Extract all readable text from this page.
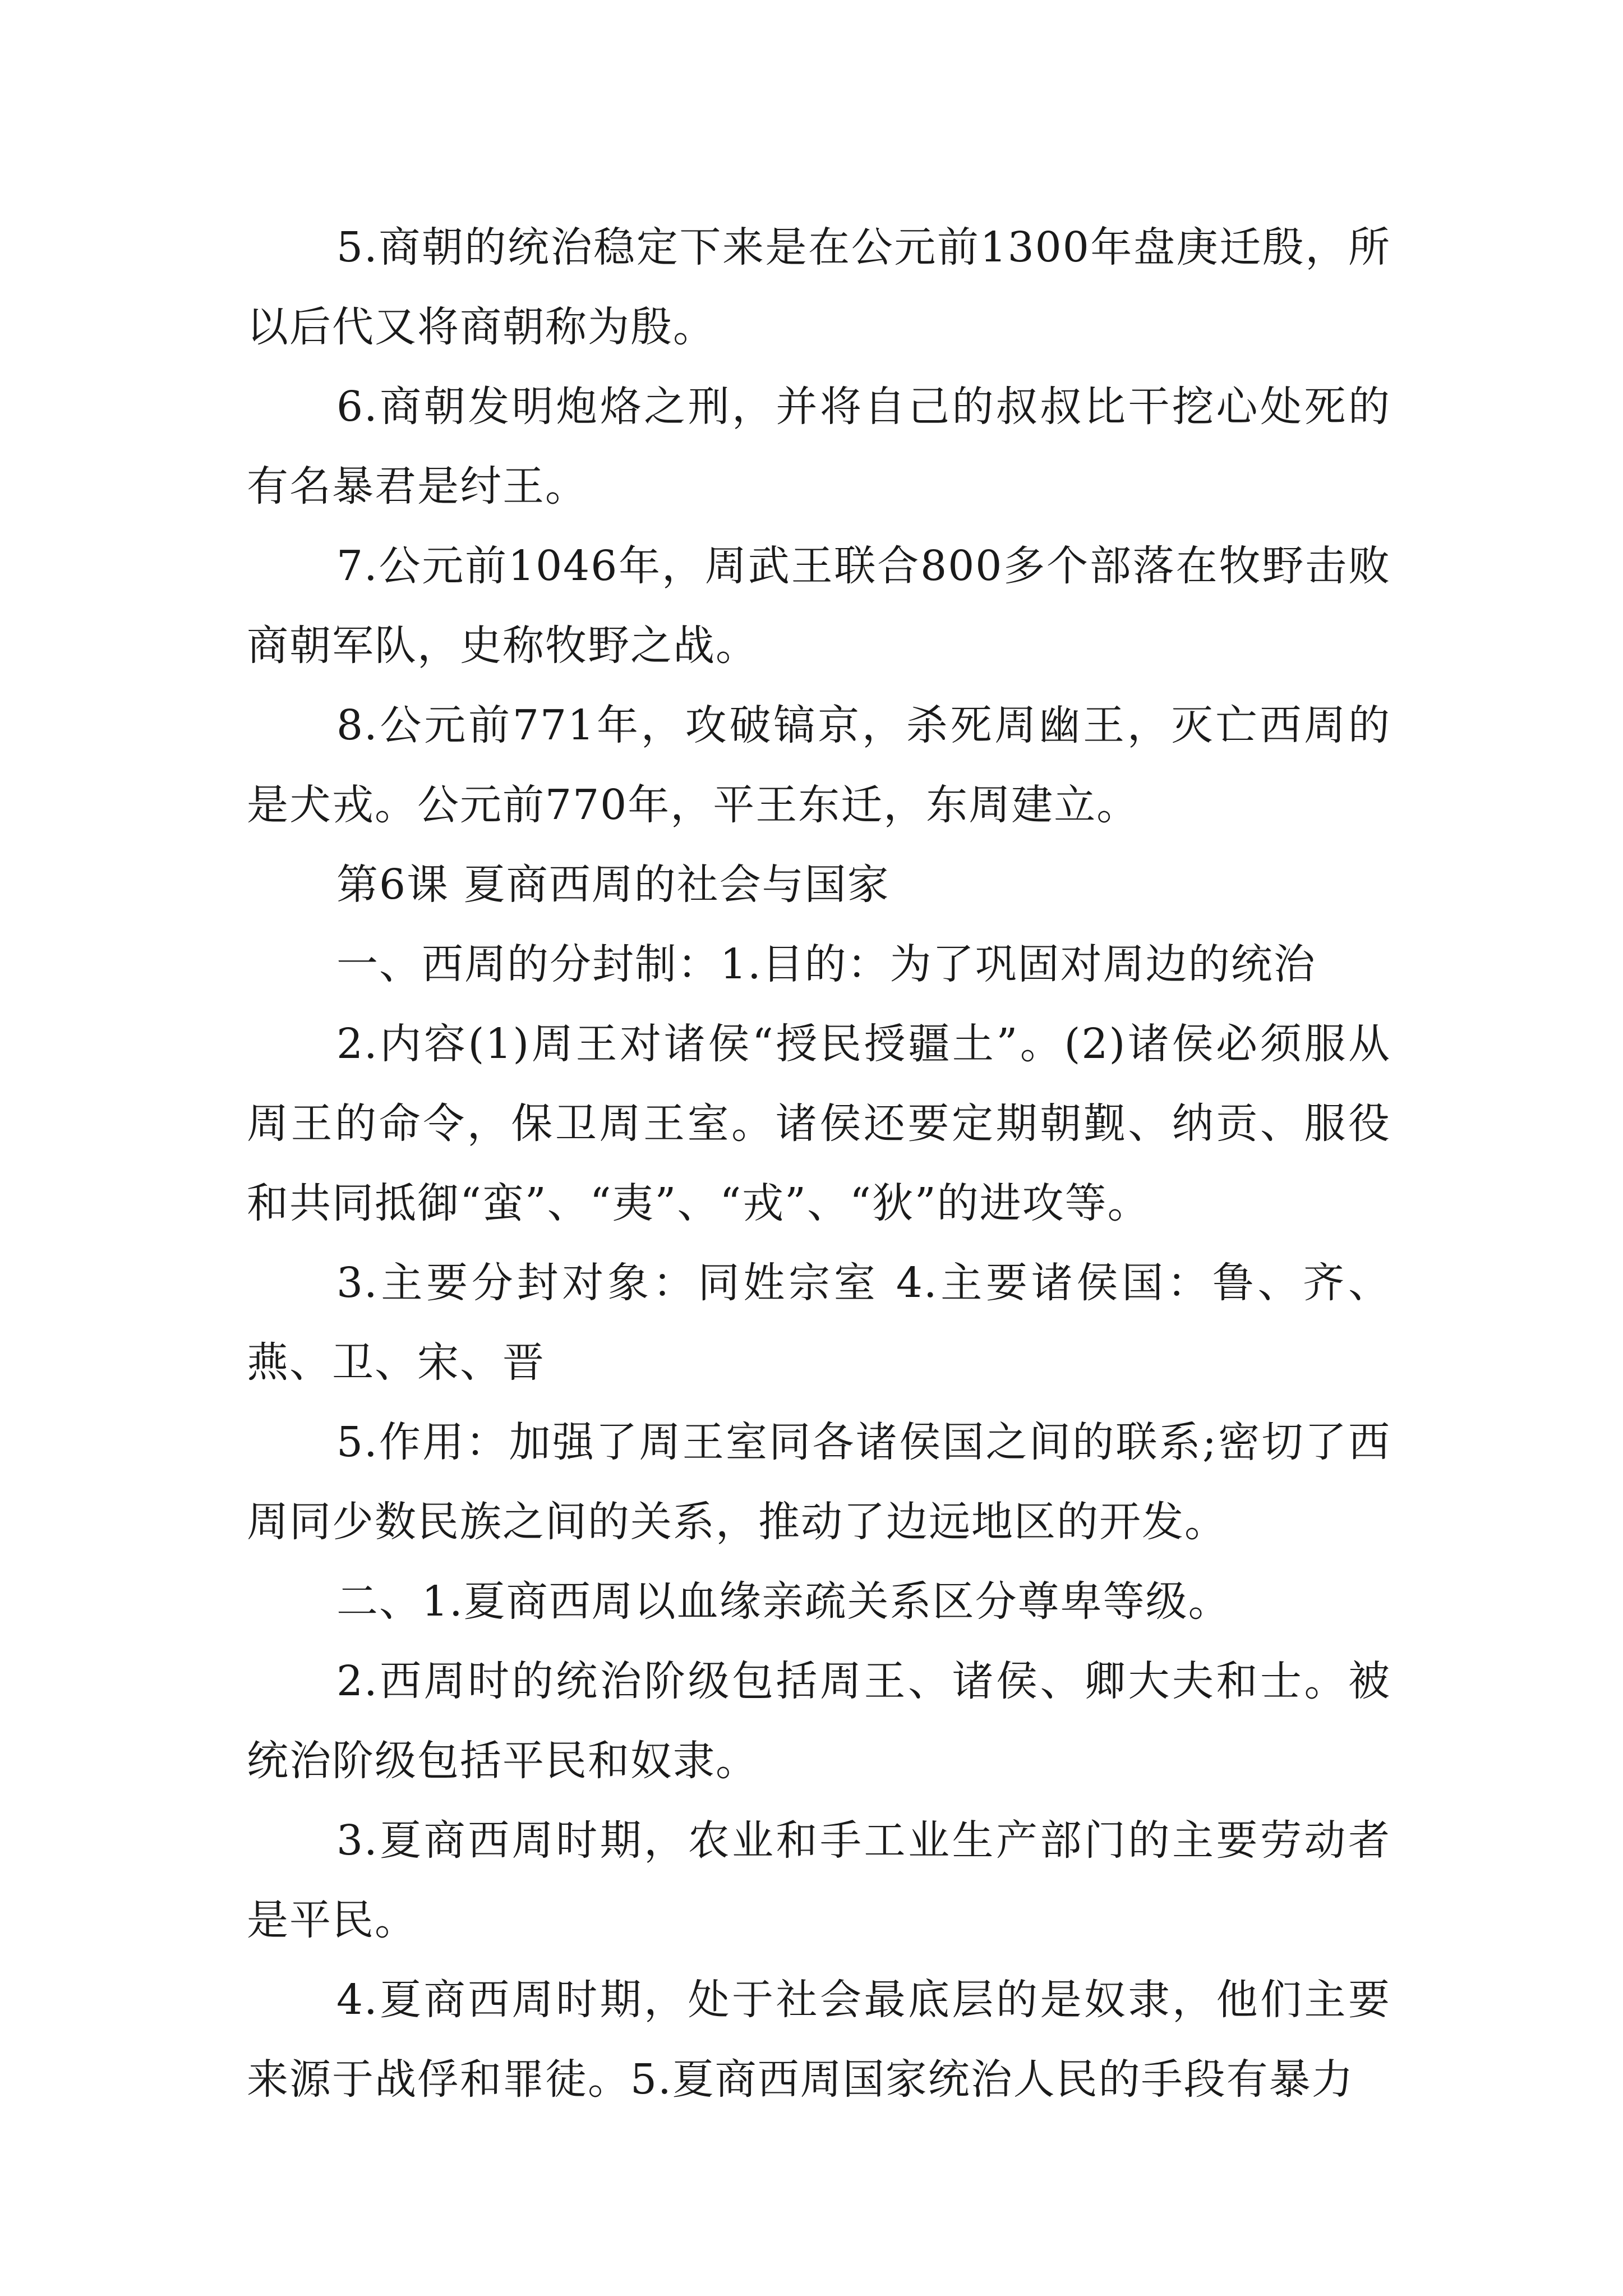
5.商朝的统治稳定下来是在公元前1300年盘庚迁殷，所以后代又将商朝称为殷。

6.商朝发明炮烙之刑，并将自己的叔叔比干挖心处死的有名暴君是纣王。

7.公元前1046年，周武王联合800多个部落在牧野击败商朝军队，史称牧野之战。

8.公元前771年，攻破镐京，杀死周幽王，灭亡西周的是犬戎。公元前770年，平王东迁，东周建立。

第6课 夏商西周的社会与国家

一、西周的分封制：1.目的：为了巩固对周边的统治

2.内容(1)周王对诸侯“授民授疆土”。(2)诸侯必须服从周王的命令，保卫周王室。诸侯还要定期朝觐、纳贡、服役和共同抵御“蛮”、“夷”、“戎”、“狄”的进攻等。

3.主要分封对象：同姓宗室 4.主要诸侯国：鲁、齐、燕、卫、宋、晋

5.作用：加强了周王室同各诸侯国之间的联系;密切了西周同少数民族之间的关系，推动了边远地区的开发。

二、1.夏商西周以血缘亲疏关系区分尊卑等级。

2.西周时的统治阶级包括周王、诸侯、卿大夫和士。被统治阶级包括平民和奴隶。

3.夏商西周时期，农业和手工业生产部门的主要劳动者是平民。

4.夏商西周时期，处于社会最底层的是奴隶，他们主要来源于战俘和罪徒。5.夏商西周国家统治人民的手段有暴力
